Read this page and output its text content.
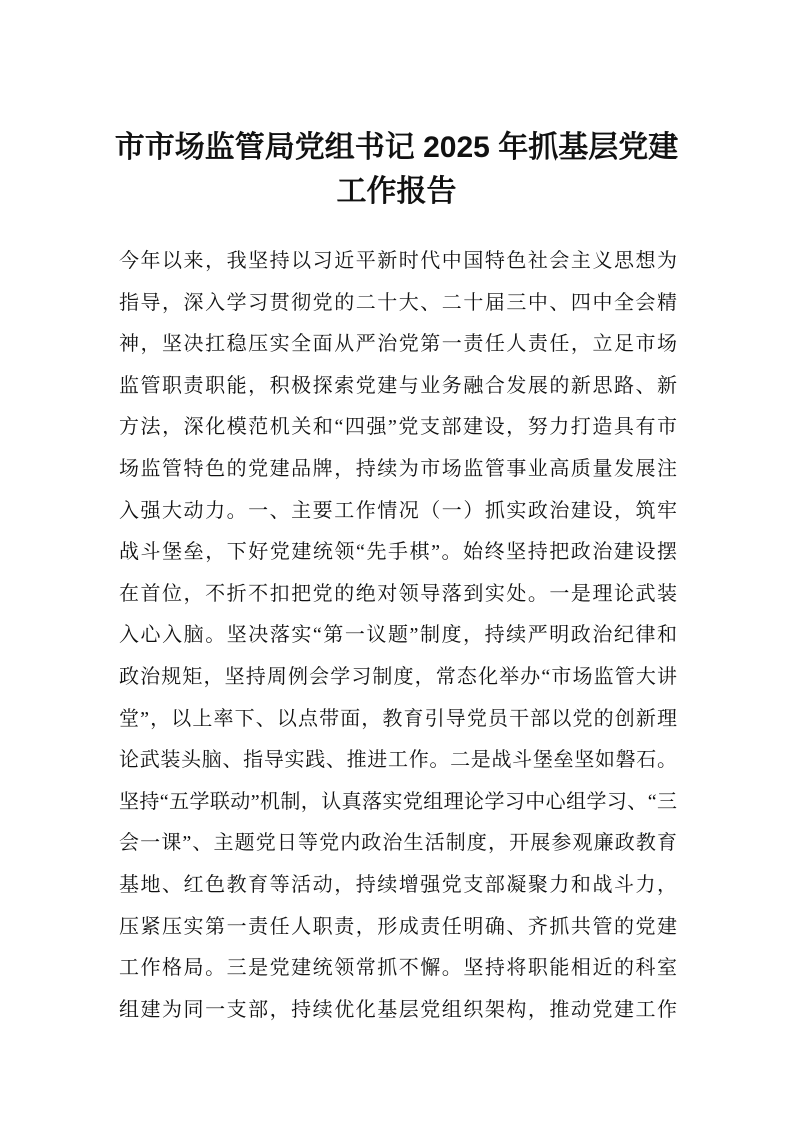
市市场监管局党组书记 2025 年抓基层党建
工作报告
今年以来，我坚持以习近平新时代中国特色社会主义思想为
指导，深入学习贯彻党的二十大、二十届三中、四中全会精
神，坚决扛稳压实全面从严治党第一责任人责任，立足市场
监管职责职能，积极探索党建与业务融合发展的新思路、新
方法，深化模范机关和“四强”党支部建设，努力打造具有市
场监管特色的党建品牌，持续为市场监管事业高质量发展注
入强大动力。一、主要工作情况（一）抓实政治建设，筑牢
战斗堡垒，下好党建统领“先手棋”。始终坚持把政治建设摆
在首位，不折不扣把党的绝对领导落到实处。一是理论武装
入心入脑。坚决落实“第一议题”制度，持续严明政治纪律和
政治规矩，坚持周例会学习制度，常态化举办“市场监管大讲
堂”，以上率下、以点带面，教育引导党员干部以党的创新理
论武装头脑、指导实践、推进工作。二是战斗堡垒坚如磐石。
坚持“五学联动”机制，认真落实党组理论学习中心组学习、“三
会一课”、主题党日等党内政治生活制度，开展参观廉政教育
基地、红色教育等活动，持续增强党支部凝聚力和战斗力，
压紧压实第一责任人职责，形成责任明确、齐抓共管的党建
工作格局。三是党建统领常抓不懈。坚持将职能相近的科室
组建为同一支部，持续优化基层党组织架构，推动党建工作
